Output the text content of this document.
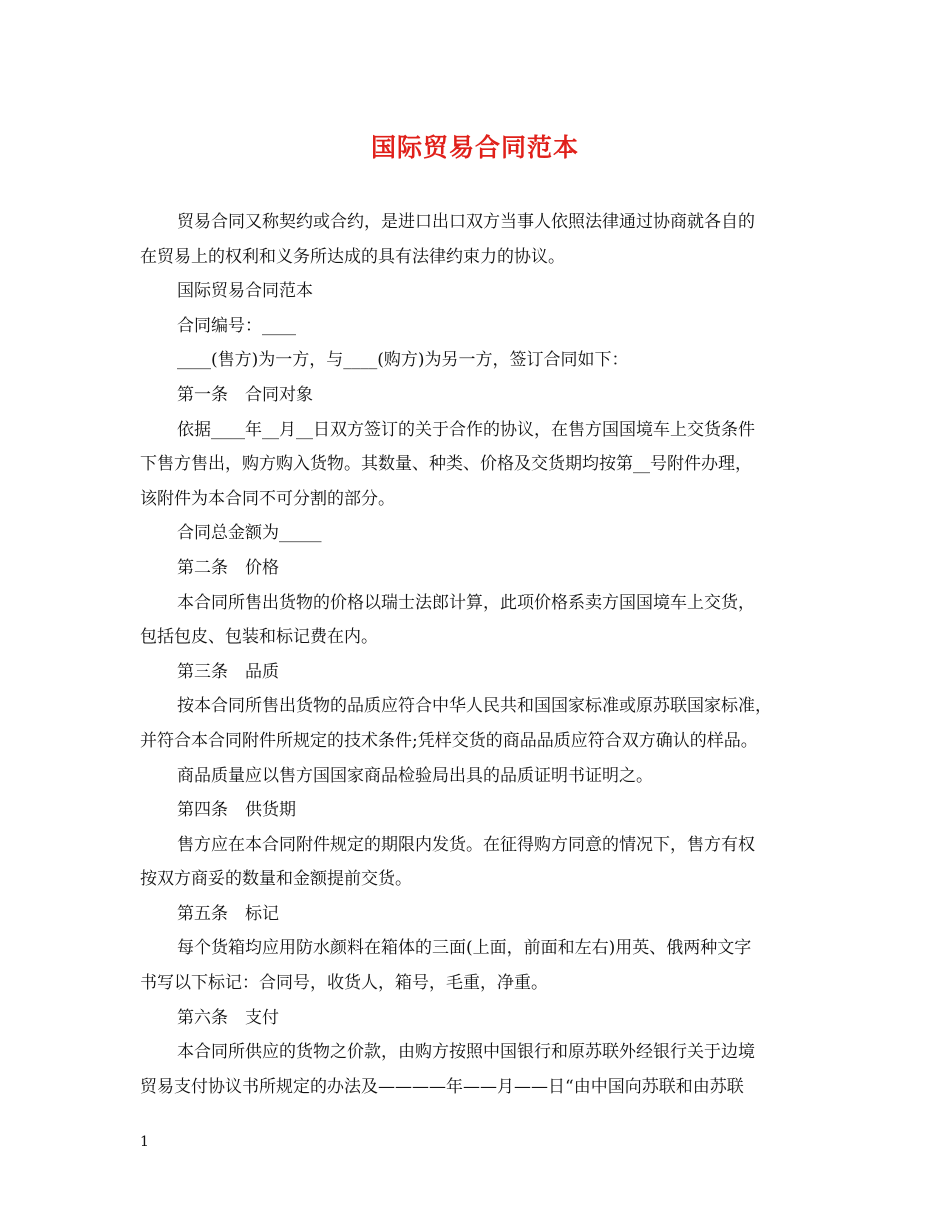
国际贸易合同范本
贸易合同又称契约或合约，是进口出口双方当事人依照法律通过协商就各自的
在贸易上的权利和义务所达成的具有法律约束力的协议。
国际贸易合同范本
合同编号：____
____(售方)为一方，与____(购方)为另一方，签订合同如下：
第一条　合同对象
依据____年__月__日双方签订的关于合作的协议，在售方国国境车上交货条件
下售方售出，购方购入货物。其数量、种类、价格及交货期均按第__号附件办理，
该附件为本合同不可分割的部分。
合同总金额为_____
第二条　价格
本合同所售出货物的价格以瑞士法郎计算，此项价格系卖方国国境车上交货，
包括包皮、包装和标记费在内。
第三条　品质
按本合同所售出货物的品质应符合中华人民共和国国家标准或原苏联国家标准，
并符合本合同附件所规定的技术条件;凭样交货的商品品质应符合双方确认的样品。
商品质量应以售方国国家商品检验局出具的品质证明书证明之。
第四条　供货期
售方应在本合同附件规定的期限内发货。在征得购方同意的情况下，售方有权
按双方商妥的数量和金额提前交货。
第五条　标记
每个货箱均应用防水颜料在箱体的三面(上面，前面和左右)用英、俄两种文字
书写以下标记：合同号，收货人，箱号，毛重，净重。
第六条　支付
本合同所供应的货物之价款，由购方按照中国银行和原苏联外经银行关于边境
贸易支付协议书所规定的办法及————年——月——日“由中国向苏联和由苏联
1
